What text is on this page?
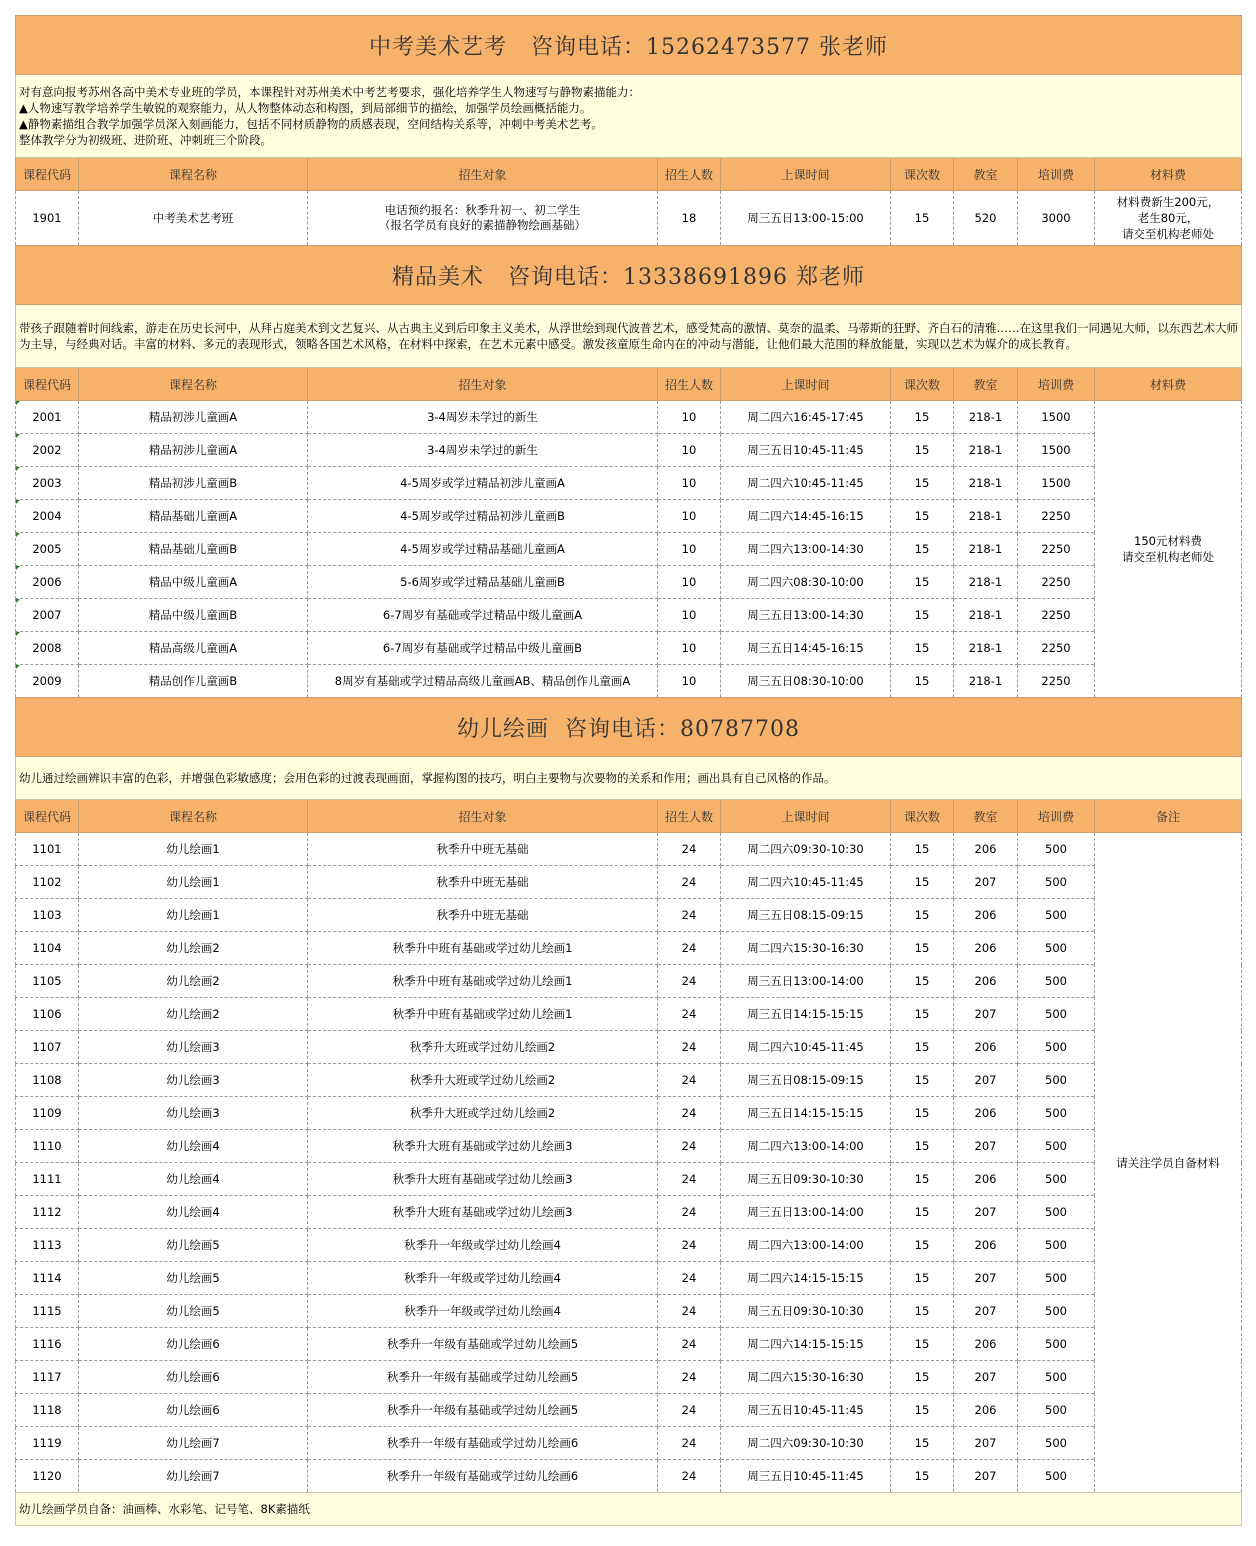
中考美术艺考   咨询电话：15262473577 张老师								

对有意向报考苏州各高中美术专业班的学员，本课程针对苏州美术中考艺考要求，强化培养学生人物速写与静物素描能力：
▲人物速写教学培养学生敏锐的观察能力，从人物整体动态和构图，到局部细节的描绘，加强学员绘画概括能力。
▲静物素描组合教学加强学员深入刻画能力，包括不同材质静物的质感表现，空间结构关系等，冲刺中考美术艺考。
整体教学分为初级班、进阶班、冲刺班三个阶段。								

课程代码	课程名称	招生对象	招生人数	上课时间	课次数	教室	培训费	材料费
1901	中考美术艺考班	电话预约报名：秋季升初一、初二学生
（报名学员有良好的素描静物绘画基础）	18	周三五日13:00-15:00	15	520	3000	材料费新生200元，
老生80元，
请交至机构老师处
精品美术   咨询电话：13338691896 郑老师								

带孩子跟随着时间线索，游走在历史长河中，从拜占庭美术到文艺复兴、从古典主义到后印象主义美术，从浮世绘到现代波普艺术，感受梵高的激情、莫奈的温柔、马蒂斯的狂野、齐白石的清雅……在这里我们一同遇见大师，以东西艺术大师为主导，与经典对话。丰富的材料、多元的表现形式，领略各国艺术风格，在材料中探索，在艺术元素中感受。激发孩童原生命内在的冲动与潜能，让他们最大范围的释放能量，实现以艺术为媒介的成长教育。								

课程代码	课程名称	招生对象	招生人数	上课时间	课次数	教室	培训费	材料费
2001	精品初涉儿童画A	3-4周岁未学过的新生	10	周二四六16:45-17:45	15	218-1	1500	150元材料费
请交至机构老师处
2002	精品初涉儿童画A	3-4周岁未学过的新生	10	周三五日10:45-11:45	15	218-1	1500	
2003	精品初涉儿童画B	4-5周岁或学过精品初涉儿童画A	10	周二四六10:45-11:45	15	218-1	1500	
2004	精品基础儿童画A	4-5周岁或学过精品初涉儿童画B	10	周二四六14:45-16:15	15	218-1	2250	
2005	精品基础儿童画B	4-5周岁或学过精品基础儿童画A	10	周二四六13:00-14:30	15	218-1	2250	
2006	精品中级儿童画A	5-6周岁或学过精品基础儿童画B	10	周二四六08:30-10:00	15	218-1	2250	
2007	精品中级儿童画B	6-7周岁有基础或学过精品中级儿童画A	10	周三五日13:00-14:30	15	218-1	2250	
2008	精品高级儿童画A	6-7周岁有基础或学过精品中级儿童画B	10	周三五日14:45-16:15	15	218-1	2250	
2009	精品创作儿童画B	8周岁有基础或学过精品高级儿童画AB、精品创作儿童画A	10	周三五日08:30-10:00	15	218-1	2250	
幼儿绘画  咨询电话：80787708								

幼儿通过绘画辨识丰富的色彩，并增强色彩敏感度；会用色彩的过渡表现画面，掌握构图的技巧，明白主要物与次要物的关系和作用；画出具有自己风格的作品。								

课程代码	课程名称	招生对象	招生人数	上课时间	课次数	教室	培训费	备注
1101	幼儿绘画1	秋季升中班无基础	24	周二四六09:30-10:30	15	206	500	请关注学员自备材料
1102	幼儿绘画1	秋季升中班无基础	24	周二四六10:45-11:45	15	207	500	
1103	幼儿绘画1	秋季升中班无基础	24	周三五日08:15-09:15	15	206	500	
1104	幼儿绘画2	秋季升中班有基础或学过幼儿绘画1	24	周二四六15:30-16:30	15	206	500	
1105	幼儿绘画2	秋季升中班有基础或学过幼儿绘画1	24	周三五日13:00-14:00	15	206	500	
1106	幼儿绘画2	秋季升中班有基础或学过幼儿绘画1	24	周三五日14:15-15:15	15	207	500	
1107	幼儿绘画3	秋季升大班或学过幼儿绘画2	24	周二四六10:45-11:45	15	206	500	
1108	幼儿绘画3	秋季升大班或学过幼儿绘画2	24	周三五日08:15-09:15	15	207	500	
1109	幼儿绘画3	秋季升大班或学过幼儿绘画2	24	周三五日14:15-15:15	15	206	500	
1110	幼儿绘画4	秋季升大班有基础或学过幼儿绘画3	24	周二四六13:00-14:00	15	207	500	
1111	幼儿绘画4	秋季升大班有基础或学过幼儿绘画3	24	周三五日09:30-10:30	15	206	500	
1112	幼儿绘画4	秋季升大班有基础或学过幼儿绘画3	24	周三五日13:00-14:00	15	207	500	
1113	幼儿绘画5	秋季升一年级或学过幼儿绘画4	24	周二四六13:00-14:00	15	206	500	
1114	幼儿绘画5	秋季升一年级或学过幼儿绘画4	24	周二四六14:15-15:15	15	207	500	
1115	幼儿绘画5	秋季升一年级或学过幼儿绘画4	24	周三五日09:30-10:30	15	207	500	
1116	幼儿绘画6	秋季升一年级有基础或学过幼儿绘画5	24	周二四六14:15-15:15	15	206	500	
1117	幼儿绘画6	秋季升一年级有基础或学过幼儿绘画5	24	周二四六15:30-16:30	15	207	500	
1118	幼儿绘画6	秋季升一年级有基础或学过幼儿绘画5	24	周三五日10:45-11:45	15	206	500	
1119	幼儿绘画7	秋季升一年级有基础或学过幼儿绘画6	24	周二四六09:30-10:30	15	207	500	
1120	幼儿绘画7	秋季升一年级有基础或学过幼儿绘画6	24	周三五日10:45-11:45	15	207	500	
幼儿绘画学员自备：油画棒、水彩笔、记号笔、8K素描纸								
